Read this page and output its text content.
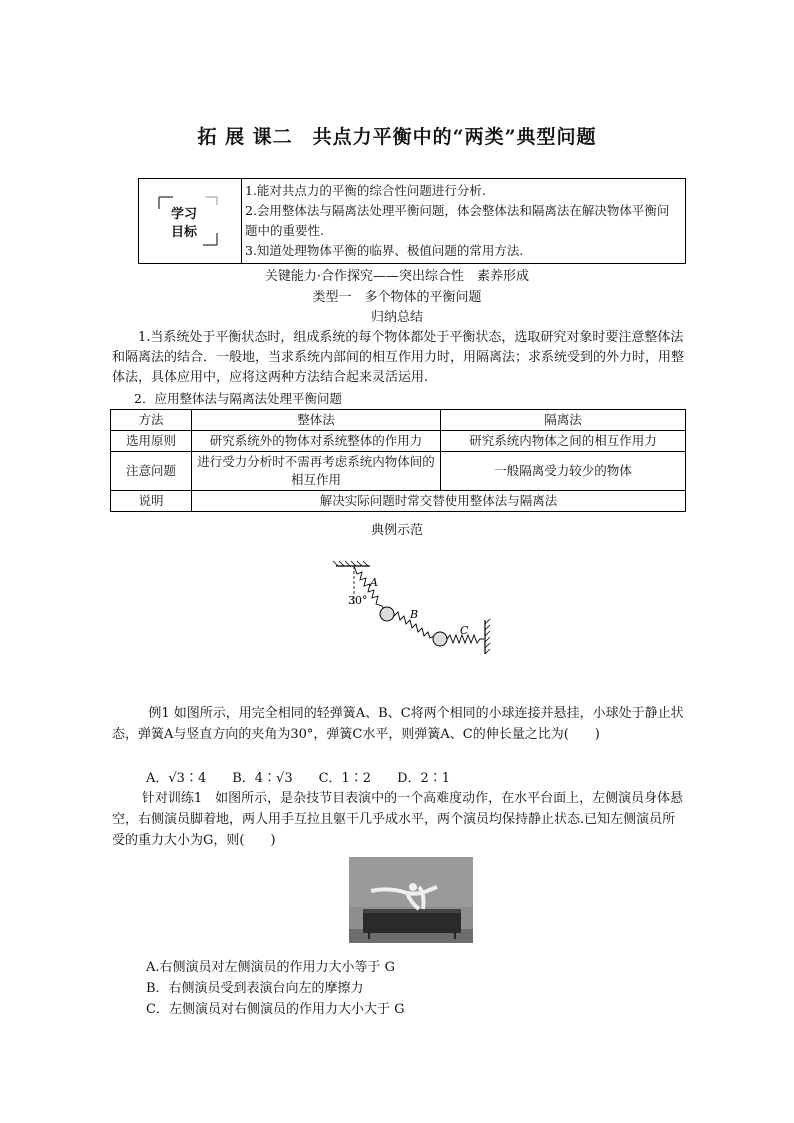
拓 展 课二　共点力平衡中的“两类”典型问题
学习
目标
1.能对共点力的平衡的综合性问题进行分析.
2.会用整体法与隔离法处理平衡问题，体会整体法和隔离法在解决物体平衡问题中的重要性.
3.知道处理物体平衡的临界、极值问题的常用方法.
关键能力·合作探究——突出综合性　素养形成
类型一　多个物体的平衡问题
归纳总结
1.当系统处于平衡状态时，组成系统的每个物体都处于平衡状态，选取研究对象时要注意整体法和隔离法的结合．一般地，当求系统内部间的相互作用力时，用隔离法；求系统受到的外力时，用整体法，具体应用中，应将这两种方法结合起来灵活运用.
2．应用整体法与隔离法处理平衡问题
方法	整体法	隔离法
选用原则	研究系统外的物体对系统整体的作用力	研究系统内物体之间的相互作用力
注意问题	进行受力分析时不需再考虑系统内物体间的相互作用	一般隔离受力较少的物体
说明	解决实际问题时常交替使用整体法与隔离法	
典例示范
30°
A
B
C
例1 如图所示，用完全相同的轻弹簧A、B、C将两个相同的小球连接并悬挂，小球处于静止状态，弹簧A与竖直方向的夹角为30°，弹簧C水平，则弹簧A、C的伸长量之比为(　　)
A．√3∶4　　B．4∶√3　　C．1∶2　　D．2∶1
针对训练1　如图所示，是杂技节目表演中的一个高难度动作，在水平台面上，左侧演员身体悬空，右侧演员脚着地，两人用手互拉且躯干几乎成水平，两个演员均保持静止状态.已知左侧演员所受的重力大小为G，则(　　)
A.右侧演员对左侧演员的作用力大小等于 G
B．右侧演员受到表演台向左的摩擦力
C．左侧演员对右侧演员的作用力大小大于 G
